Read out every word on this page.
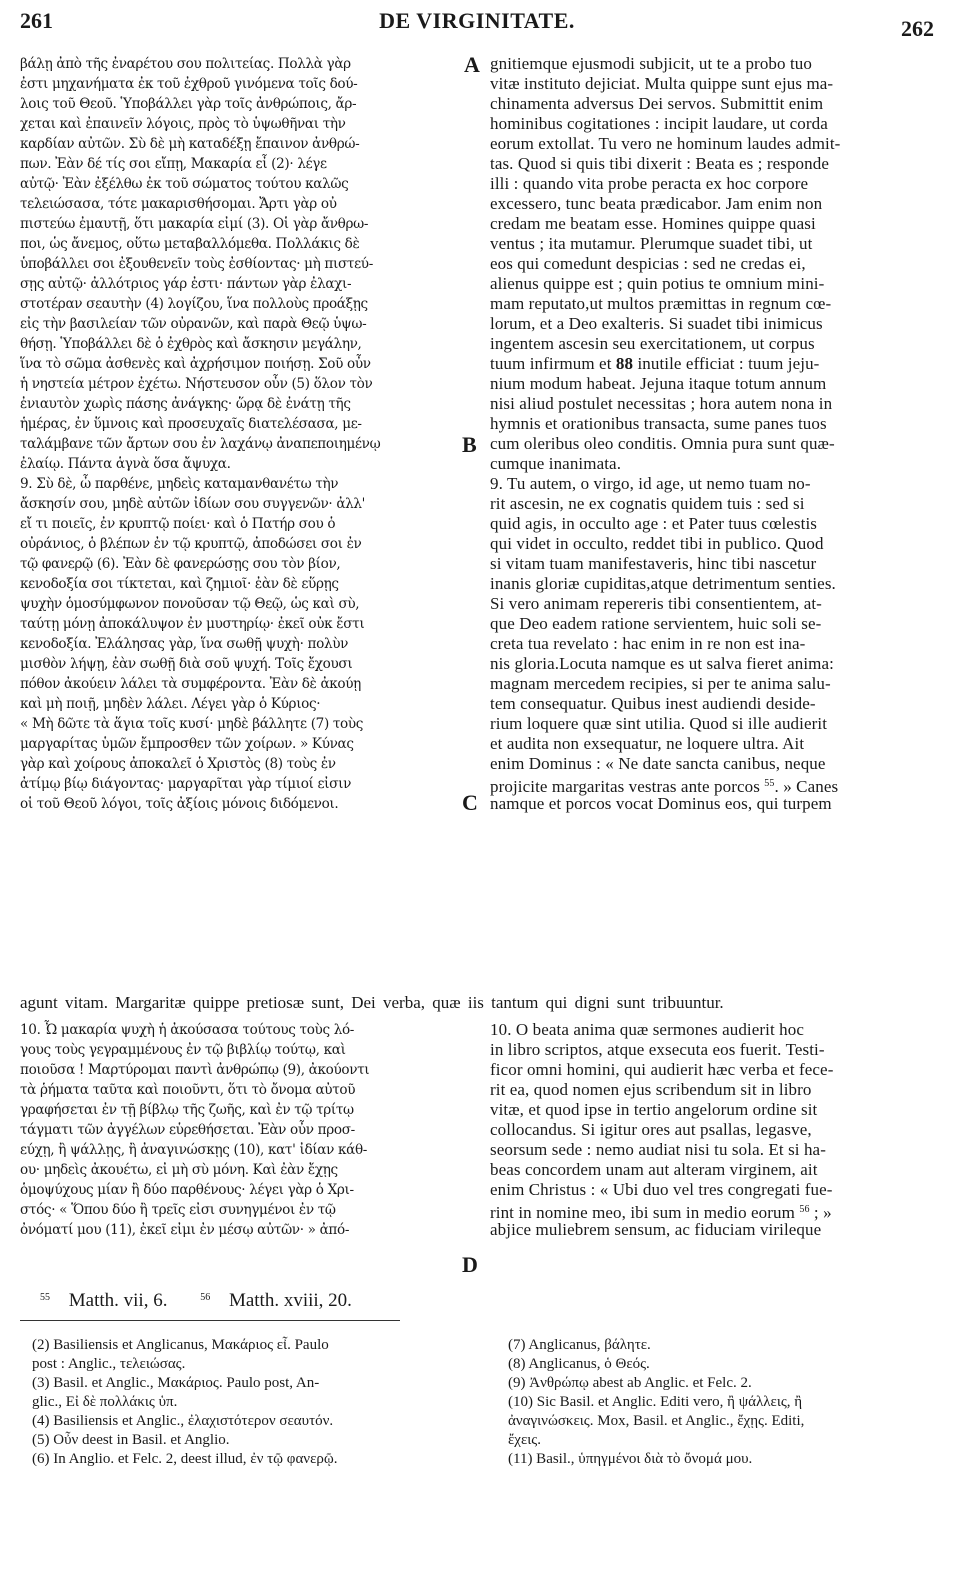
261	DE VIRGINITATE.	262
A
B
C
D
βάλῃ ἀπὸ τῆς ἐναρέτου σου πολιτείας. Πολλὰ γὰρ
ἐστι μηχανήματα ἐκ τοῦ ἐχθροῦ γινόμενα τοῖς δού-
λοις τοῦ Θεοῦ. Ὑποβάλλει γὰρ τοῖς ἀνθρώποις, ἄρ-
χεται καὶ ἐπαινεῖν λόγοις, πρὸς τὸ ὑψωθῆναι τὴν
καρδίαν αὐτῶν. Σὺ δὲ μὴ καταδέξῃ ἔπαινον ἀνθρώ-
πων. Ἐὰν δέ τίς σοι εἴπῃ, Μακαρία εἶ (2)· λέγε
αὐτῷ· Ἐὰν ἐξέλθω ἐκ τοῦ σώματος τούτου καλῶς
τελειώσασα, τότε μακαρισθήσομαι. Ἄρτι γὰρ οὐ
πιστεύω ἐμαυτῇ, ὅτι μακαρία εἰμί (3). Οἱ γὰρ ἄνθρω-
ποι, ὡς ἄνεμος, οὕτω μεταβαλλόμεθα. Πολλάκις δὲ
ὑποβάλλει σοι ἐξουθενεῖν τοὺς ἐσθίοντας· μὴ πιστεύ-
σῃς αὐτῷ· ἀλλότριος γάρ ἐστι· πάντων γὰρ ἐλαχι-
στοτέραν σεαυτὴν (4) λογίζου, ἵνα πολλοὺς προάξῃς
εἰς τὴν βασιλείαν τῶν οὐρανῶν, καὶ παρὰ Θεῷ ὑψω-
θήσῃ. Ὑποβάλλει δὲ ὁ ἐχθρὸς καὶ ἄσκησιν μεγάλην,
ἵνα τὸ σῶμα ἀσθενὲς καὶ ἀχρήσιμον ποιήσῃ. Σοῦ οὖν
ἡ νηστεία μέτρον ἐχέτω. Νήστευσον οὖν (5) ὅλον τὸν
ἐνιαυτὸν χωρὶς πάσης ἀνάγκης· ὥρᾳ δὲ ἐνάτῃ τῆς
ἡμέρας, ἐν ὕμνοις καὶ προσευχαῖς διατελέσασα, με-
ταλάμβανε τῶν ἄρτων σου ἐν λαχάνῳ ἀναπεποιημένῳ
ἐλαίῳ. Πάντα ἁγνὰ ὅσα ἄψυχα.
9. Σὺ δὲ, ὦ παρθένε, μηδεὶς καταμανθανέτω τὴν
ἄσκησίν σου, μηδὲ αὐτῶν ἰδίων σου συγγενῶν· ἀλλ'
εἴ τι ποιεῖς, ἐν κρυπτῷ ποίει· καὶ ὁ Πατήρ σου ὁ
οὐράνιος, ὁ βλέπων ἐν τῷ κρυπτῷ, ἀποδώσει σοι ἐν
τῷ φανερῷ (6). Ἐὰν δὲ φανερώσῃς σου τὸν βίον,
κενοδοξία σοι τίκτεται, καὶ ζημιοῖ· ἐὰν δὲ εὕρῃς
ψυχὴν ὁμοσύμφωνον πονοῦσαν τῷ Θεῷ, ὡς καὶ σὺ,
ταύτῃ μόνῃ ἀποκάλυψον ἐν μυστηρίῳ· ἐκεῖ οὐκ ἔστι
κενοδοξία. Ἐλάλησας γὰρ, ἵνα σωθῇ ψυχὴ· πολὺν
μισθὸν λήψῃ, ἐὰν σωθῇ διὰ σοῦ ψυχή. Τοῖς ἔχουσι
πόθον ἀκούειν λάλει τὰ συμφέροντα. Ἐὰν δὲ ἀκούῃ
καὶ μὴ ποιῇ, μηδὲν λάλει. Λέγει γὰρ ὁ Κύριος·
« Μὴ δῶτε τὰ ἅγια τοῖς κυσί· μηδὲ βάλλητε (7) τοὺς
μαργαρίτας ὑμῶν ἔμπροσθεν τῶν χοίρων. » Κύνας
γὰρ καὶ χοίρους ἀποκαλεῖ ὁ Χριστὸς (8) τοὺς ἐν
ἀτίμῳ βίῳ διάγοντας· μαργαρῖται γὰρ τίμιοί εἰσιν
οἱ τοῦ Θεοῦ λόγοι, τοῖς ἀξίοις μόνοις διδόμενοι.
gnitiemque ejusmodi subjicit, ut te a probo tuo
vitæ instituto dejiciat. Multa quippe sunt ejus ma-
chinamenta adversus Dei servos. Submittit enim
hominibus cogitationes : incipit laudare, ut corda
eorum extollat. Tu vero ne hominum laudes admit-
tas. Quod si quis tibi dixerit : Beata es ; responde
illi : quando vita probe peracta ex hoc corpore
excessero, tunc beata prædicabor. Jam enim non
credam me beatam esse. Homines quippe quasi
ventus ; ita mutamur. Plerumque suadet tibi, ut
eos qui comedunt despicias : sed ne credas ei,
alienus quippe est ; quin potius te omnium mini-
mam reputato,ut multos præmittas in regnum cœ-
lorum, et a Deo exalteris. Si suadet tibi inimicus
ingentem ascesin seu exercitationem, ut corpus
tuum infirmum et 88 inutile efficiat : tuum jeju-
nium modum habeat. Jejuna itaque totum annum
nisi aliud postulet necessitas ; hora autem nona in
hymnis et orationibus transacta, sume panes tuos
cum oleribus oleo conditis. Omnia pura sunt quæ-
cumque inanimata.
9. Tu autem, o virgo, id age, ut nemo tuam no-
rit ascesin, ne ex cognatis quidem tuis : sed si
quid agis, in occulto age : et Pater tuus cœlestis
qui videt in occulto, reddet tibi in publico. Quod
si vitam tuam manifestaveris, hinc tibi nascetur
inanis gloriæ cupiditas,atque detrimentum senties.
Si vero animam repereris tibi consentientem, at-
que Deo eadem ratione servientem, huic soli se-
creta tua revelato : hac enim in re non est ina-
nis gloria.Locuta namque es ut salva fieret anima:
magnam mercedem recipies, si per te anima salu-
tem consequatur. Quibus inest audiendi deside-
rium loquere quæ sint utilia. Quod si ille audierit
et audita non exsequatur, ne loquere ultra. Ait
enim Dominus : « Ne date sancta canibus, neque
projicite margaritas vestras ante porcos $^{55}$. » Canes
namque et porcos vocat Dominus eos, qui turpem
agunt vitam. Margaritæ quippe pretiosæ sunt, Dei verba, quæ iis tantum qui digni sunt tribuuntur.
10. Ὦ μακαρία ψυχὴ ἡ ἀκούσασα τούτους τοὺς λό-
γους τοὺς γεγραμμένους ἐν τῷ βιβλίῳ τούτῳ, καὶ
ποιοῦσα ! Μαρτύρομαι παντὶ ἀνθρώπῳ (9), ἀκούοντι
τὰ ῥήματα ταῦτα καὶ ποιοῦντι, ὅτι τὸ ὄνομα αὐτοῦ
γραφήσεται ἐν τῇ βίβλῳ τῆς ζωῆς, καὶ ἐν τῷ τρίτῳ
τάγματι τῶν ἀγγέλων εὑρεθήσεται. Ἐὰν οὖν προσ-
εύχῃ, ἢ ψάλλῃς, ἢ ἀναγινώσκῃς (10), κατ' ἰδίαν κάθ-
ου· μηδεὶς ἀκουέτω, εἰ μὴ σὺ μόνη. Καὶ ἐὰν ἔχῃς
ὁμοψύχους μίαν ἢ δύο παρθένους· λέγει γὰρ ὁ Χρι-
στός· « Ὅπου δύο ἢ τρεῖς εἰσι συνηγμένοι ἐν τῷ
ὀνόματί μου (11), ἐκεῖ εἰμι ἐν μέσῳ αὐτῶν· » ἀπό-
10. O beata anima quæ sermones audierit hoc
in libro scriptos, atque exsecuta eos fuerit. Testi-
ficor omni homini, qui audierit hæc verba et fece-
rit ea, quod nomen ejus scribendum sit in libro
vitæ, et quod ipse in tertio angelorum ordine sit
collocandus. Si igitur ores aut psallas, legasve,
seorsum sede : nemo audiat nisi tu sola. Et si ha-
beas concordem unam aut alteram virginem, ait
enim Christus : « Ubi duo vel tres congregati fue-
rint in nomine meo, ibi sum in medio eorum $^{56}$ ; »
abjice muliebrem sensum, ac fiduciam virileque
$^{55}$ Matth. vii, 6.	$^{56}$ Matth. xviii, 20.
(2) Basiliensis et Anglicanus, Μακάριος εἶ. Paulo
post : Anglic., τελειώσας.
(3) Basil. et Anglic., Μακάριος. Paulo post, An-
glic., Εἰ δὲ πολλάκις ὑπ.
(4) Basiliensis et Anglic., ἐλαχιστότερον σεαυτόν.
(5) Οὖν deest in Basil. et Anglio.
(6) In Anglio. et Felc. 2, deest illud, ἐν τῷ φανερῷ.
(7) Anglicanus, βάλητε.
(8) Anglicanus, ὁ Θεός.
(9) Ἀνθρώπῳ abest ab Anglic. et Felc. 2.
(10) Sic Basil. et Anglic. Editi vero, ἢ ψάλλεις, ἢ
ἀναγινώσκεις. Mox, Basil. et Anglic., ἔχῃς. Editi,
ἔχεις.
(11) Basil., ὑπηγμένοι διὰ τὸ ὄνομά μου.
